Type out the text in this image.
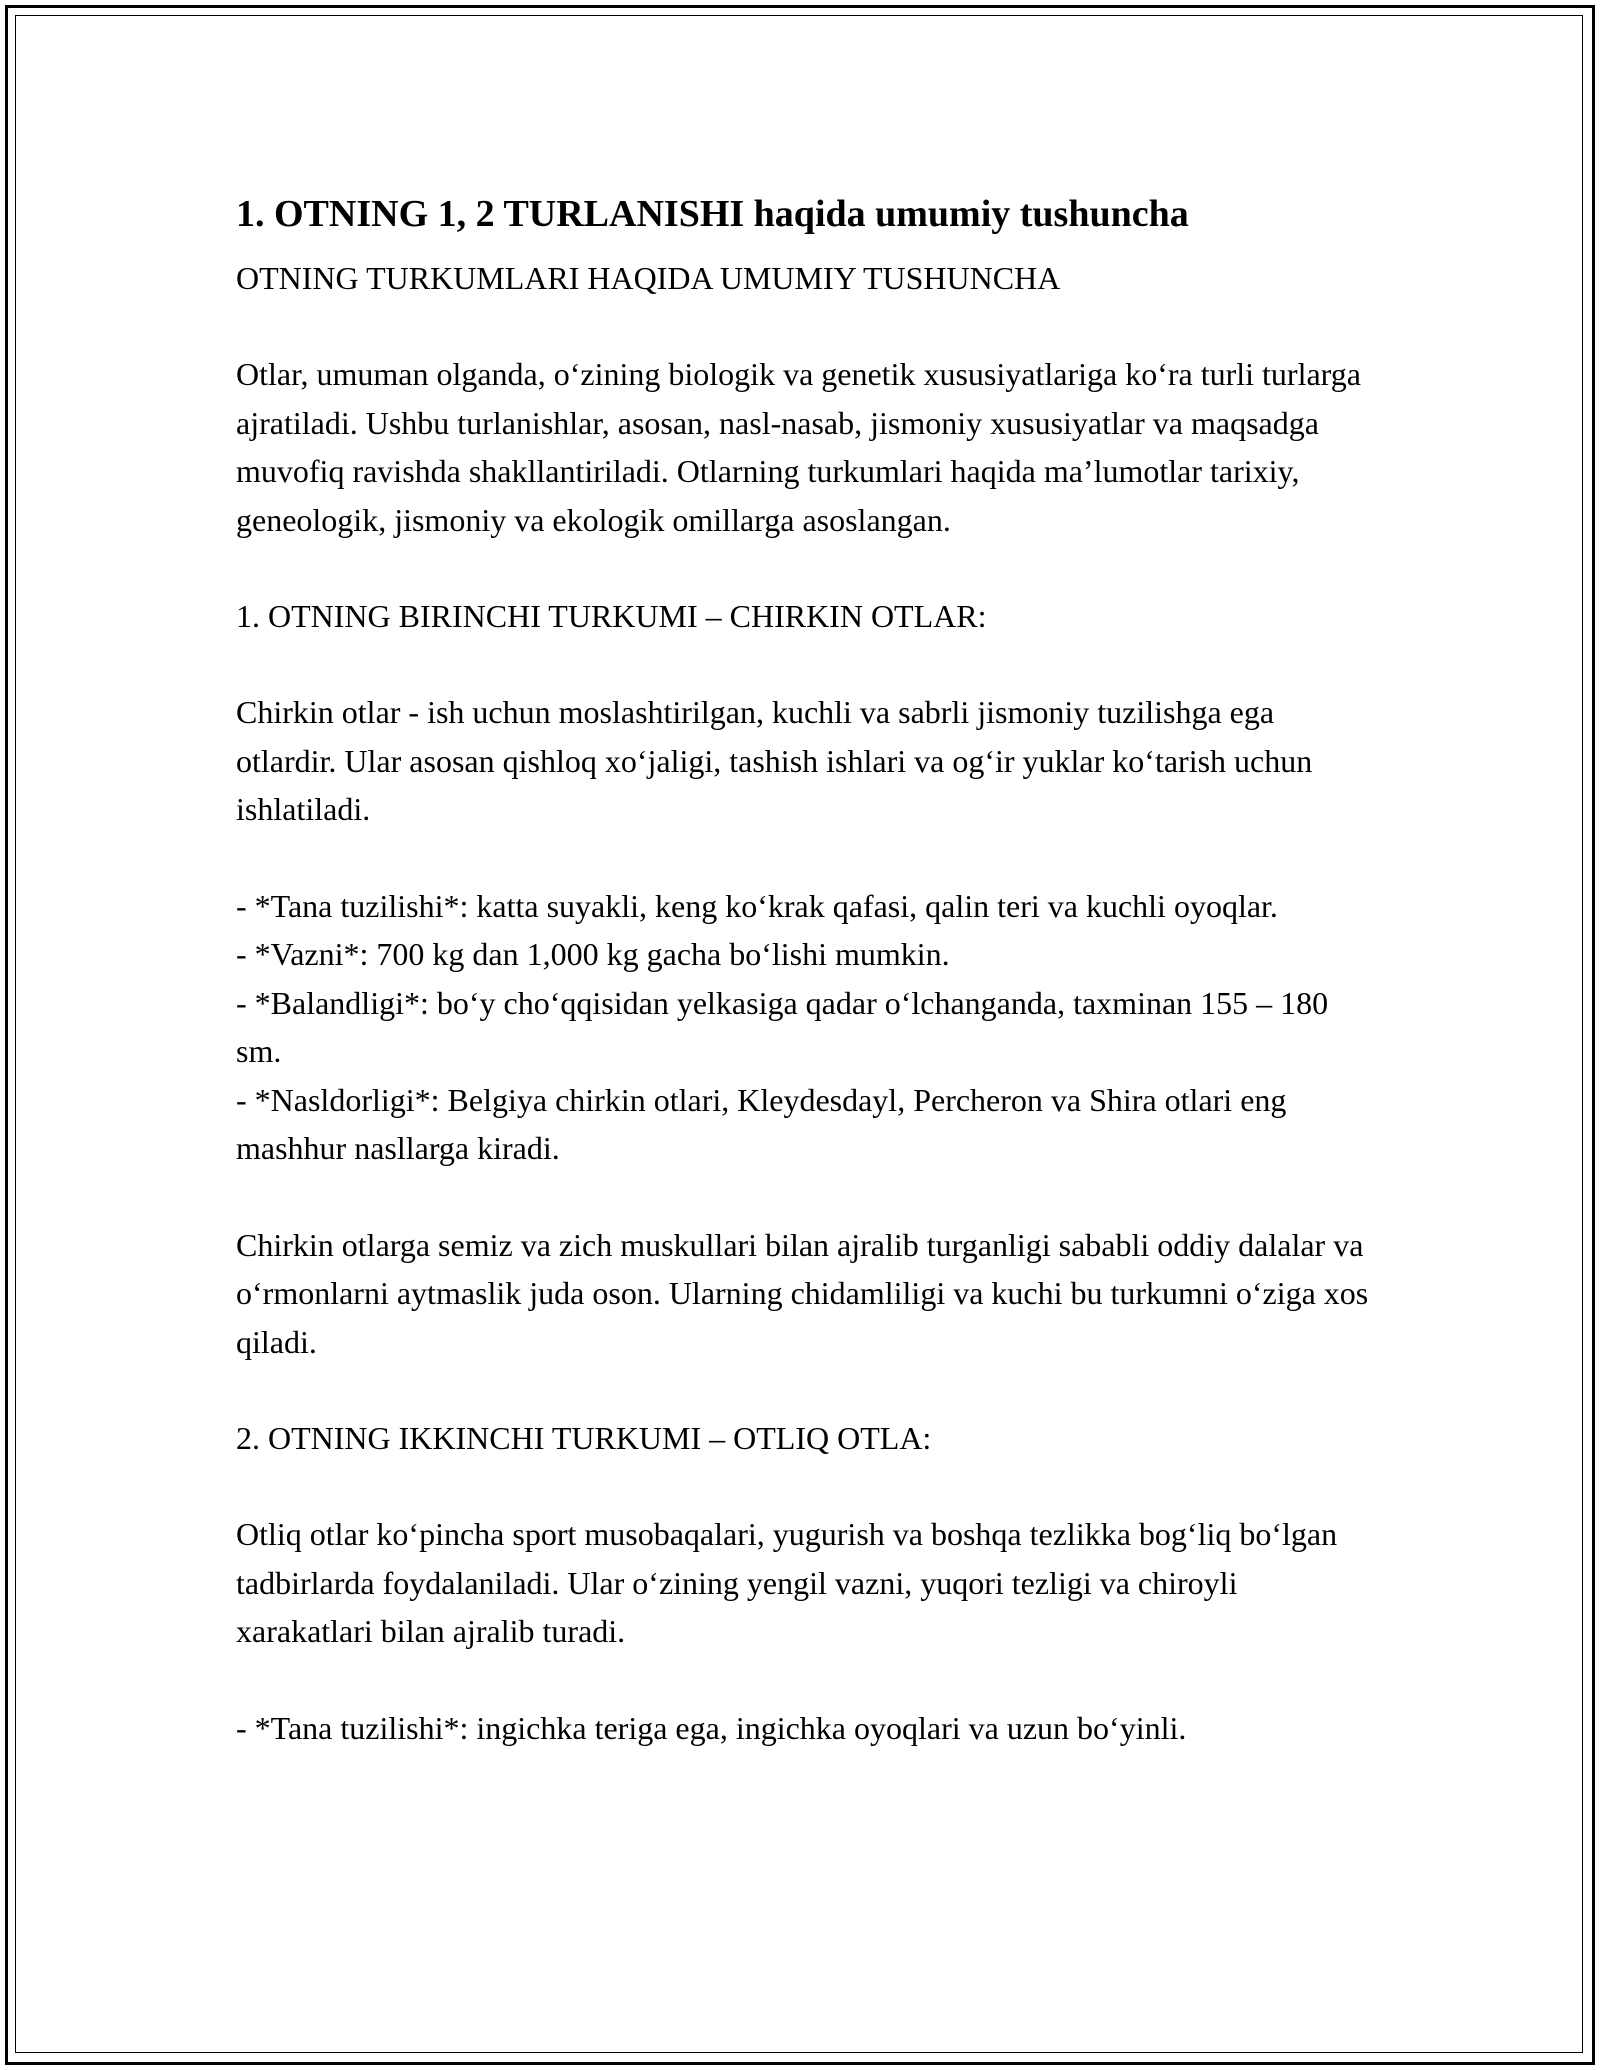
1. OTNING 1, 2 TURLANISHI haqida umumiy tushuncha

OTNING TURKUMLARI HAQIDA UMUMIY TUSHUNCHA

Otlar, umuman olganda, o‘zining biologik va genetik xususiyatlariga ko‘ra turli turlarga ajratiladi. Ushbu turlanishlar, asosan, nasl-nasab, jismoniy xususiyatlar va maqsadga muvofiq ravishda shakllantiriladi. Otlarning turkumlari haqida ma’lumotlar tarixiy, geneologik, jismoniy va ekologik omillarga asoslangan.

1. OTNING BIRINCHI TURKUMI – CHIRKIN OTLAR:

Chirkin otlar - ish uchun moslashtirilgan, kuchli va sabrli jismoniy tuzilishga ega otlardir. Ular asosan qishloq xo‘jaligi, tashish ishlari va og‘ir yuklar ko‘tarish uchun ishlatiladi.

- *Tana tuzilishi*: katta suyakli, keng ko‘krak qafasi, qalin teri va kuchli oyoqlar.
- *Vazni*: 700 kg dan 1,000 kg gacha bo‘lishi mumkin.
- *Balandligi*: bo‘y cho‘qqisidan yelkasiga qadar o‘lchanganda, taxminan 155 – 180 sm.
- *Nasldorligi*: Belgiya chirkin otlari, Kleydesdayl, Percheron va Shira otlari eng mashhur nasllarga kiradi.

Chirkin otlarga semiz va zich muskullari bilan ajralib turganligi sababli oddiy dalalar va o‘rmonlarni aytmaslik juda oson. Ularning chidamliligi va kuchi bu turkumni o‘ziga xos qiladi.

2. OTNING IKKINCHI TURKUMI – OTLIQ OTLA:

Otliq otlar ko‘pincha sport musobaqalari, yugurish va boshqa tezlikka bog‘liq bo‘lgan tadbirlarda foydalaniladi. Ular o‘zining yengil vazni, yuqori tezligi va chiroyli xarakatlari bilan ajralib turadi.

- *Tana tuzilishi*: ingichka teriga ega, ingichka oyoqlari va uzun bo‘yinli.
